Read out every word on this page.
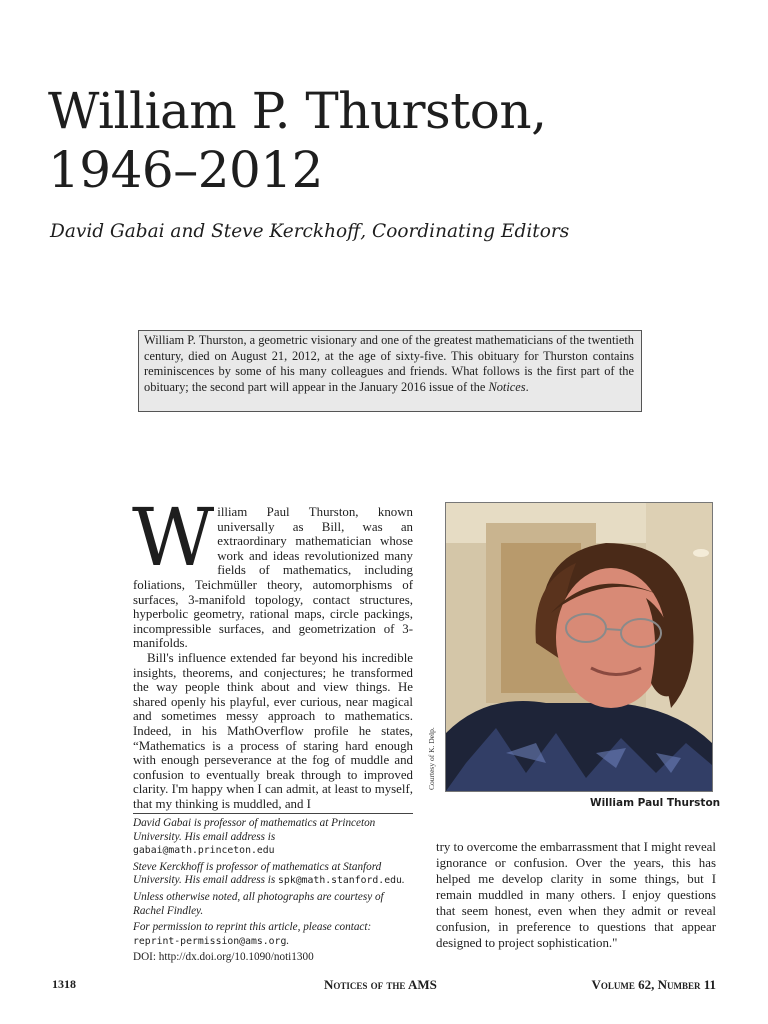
William P. Thurston,
1946–2012
David Gabai and Steve Kerckhoff, Coordinating Editors
William P. Thurston, a geometric visionary and one of the greatest mathematicians of the twentieth century, died on August 21, 2012, at the age of sixty-five. This obituary for Thurston contains reminiscences by some of his many colleagues and friends. What follows is the first part of the obituary; the second part will appear in the January 2016 issue of the Notices.

William Paul Thurston, known universally as Bill, was an extraordinary mathematician whose work and ideas revolutionized many fields of mathematics, including foliations, Teichmüller theory, automorphisms of surfaces, 3-manifold topology, contact structures, hyperbolic geometry, rational maps, circle packings, incompressible surfaces, and geometrization of 3-manifolds.

Bill's influence extended far beyond his incredible insights, theorems, and conjectures; he transformed the way people think about and view things. He shared openly his playful, ever curious, near magical and sometimes messy approach to mathematics. Indeed, in his MathOverflow profile he states, “Mathematics is a process of staring hard enough with enough perseverance at the fog of muddle and confusion to eventually break through to improved clarity. I'm happy when I can admit, at least to myself, that my thinking is muddled, and I

David Gabai is professor of mathematics at Princeton University. His email address is gabai@math.princeton.edu

Steve Kerckhoff is professor of mathematics at Stanford University. His email address is spk@math.stanford.edu.

Unless otherwise noted, all photographs are courtesy of Rachel Findley.

For permission to reprint this article, please contact: reprint-permission@ams.org.

DOI: http://dx.doi.org/10.1090/noti1300

Courtesy of K. Delp.
William Paul Thurston

try to overcome the embarrassment that I might reveal ignorance or confusion. Over the years, this has helped me develop clarity in some things, but I remain muddled in many others. I enjoy questions that seem honest, even when they admit or reveal confusion, in preference to questions that appear designed to project sophistication."

1318	Notices of the AMS	Volume 62, Number 11
